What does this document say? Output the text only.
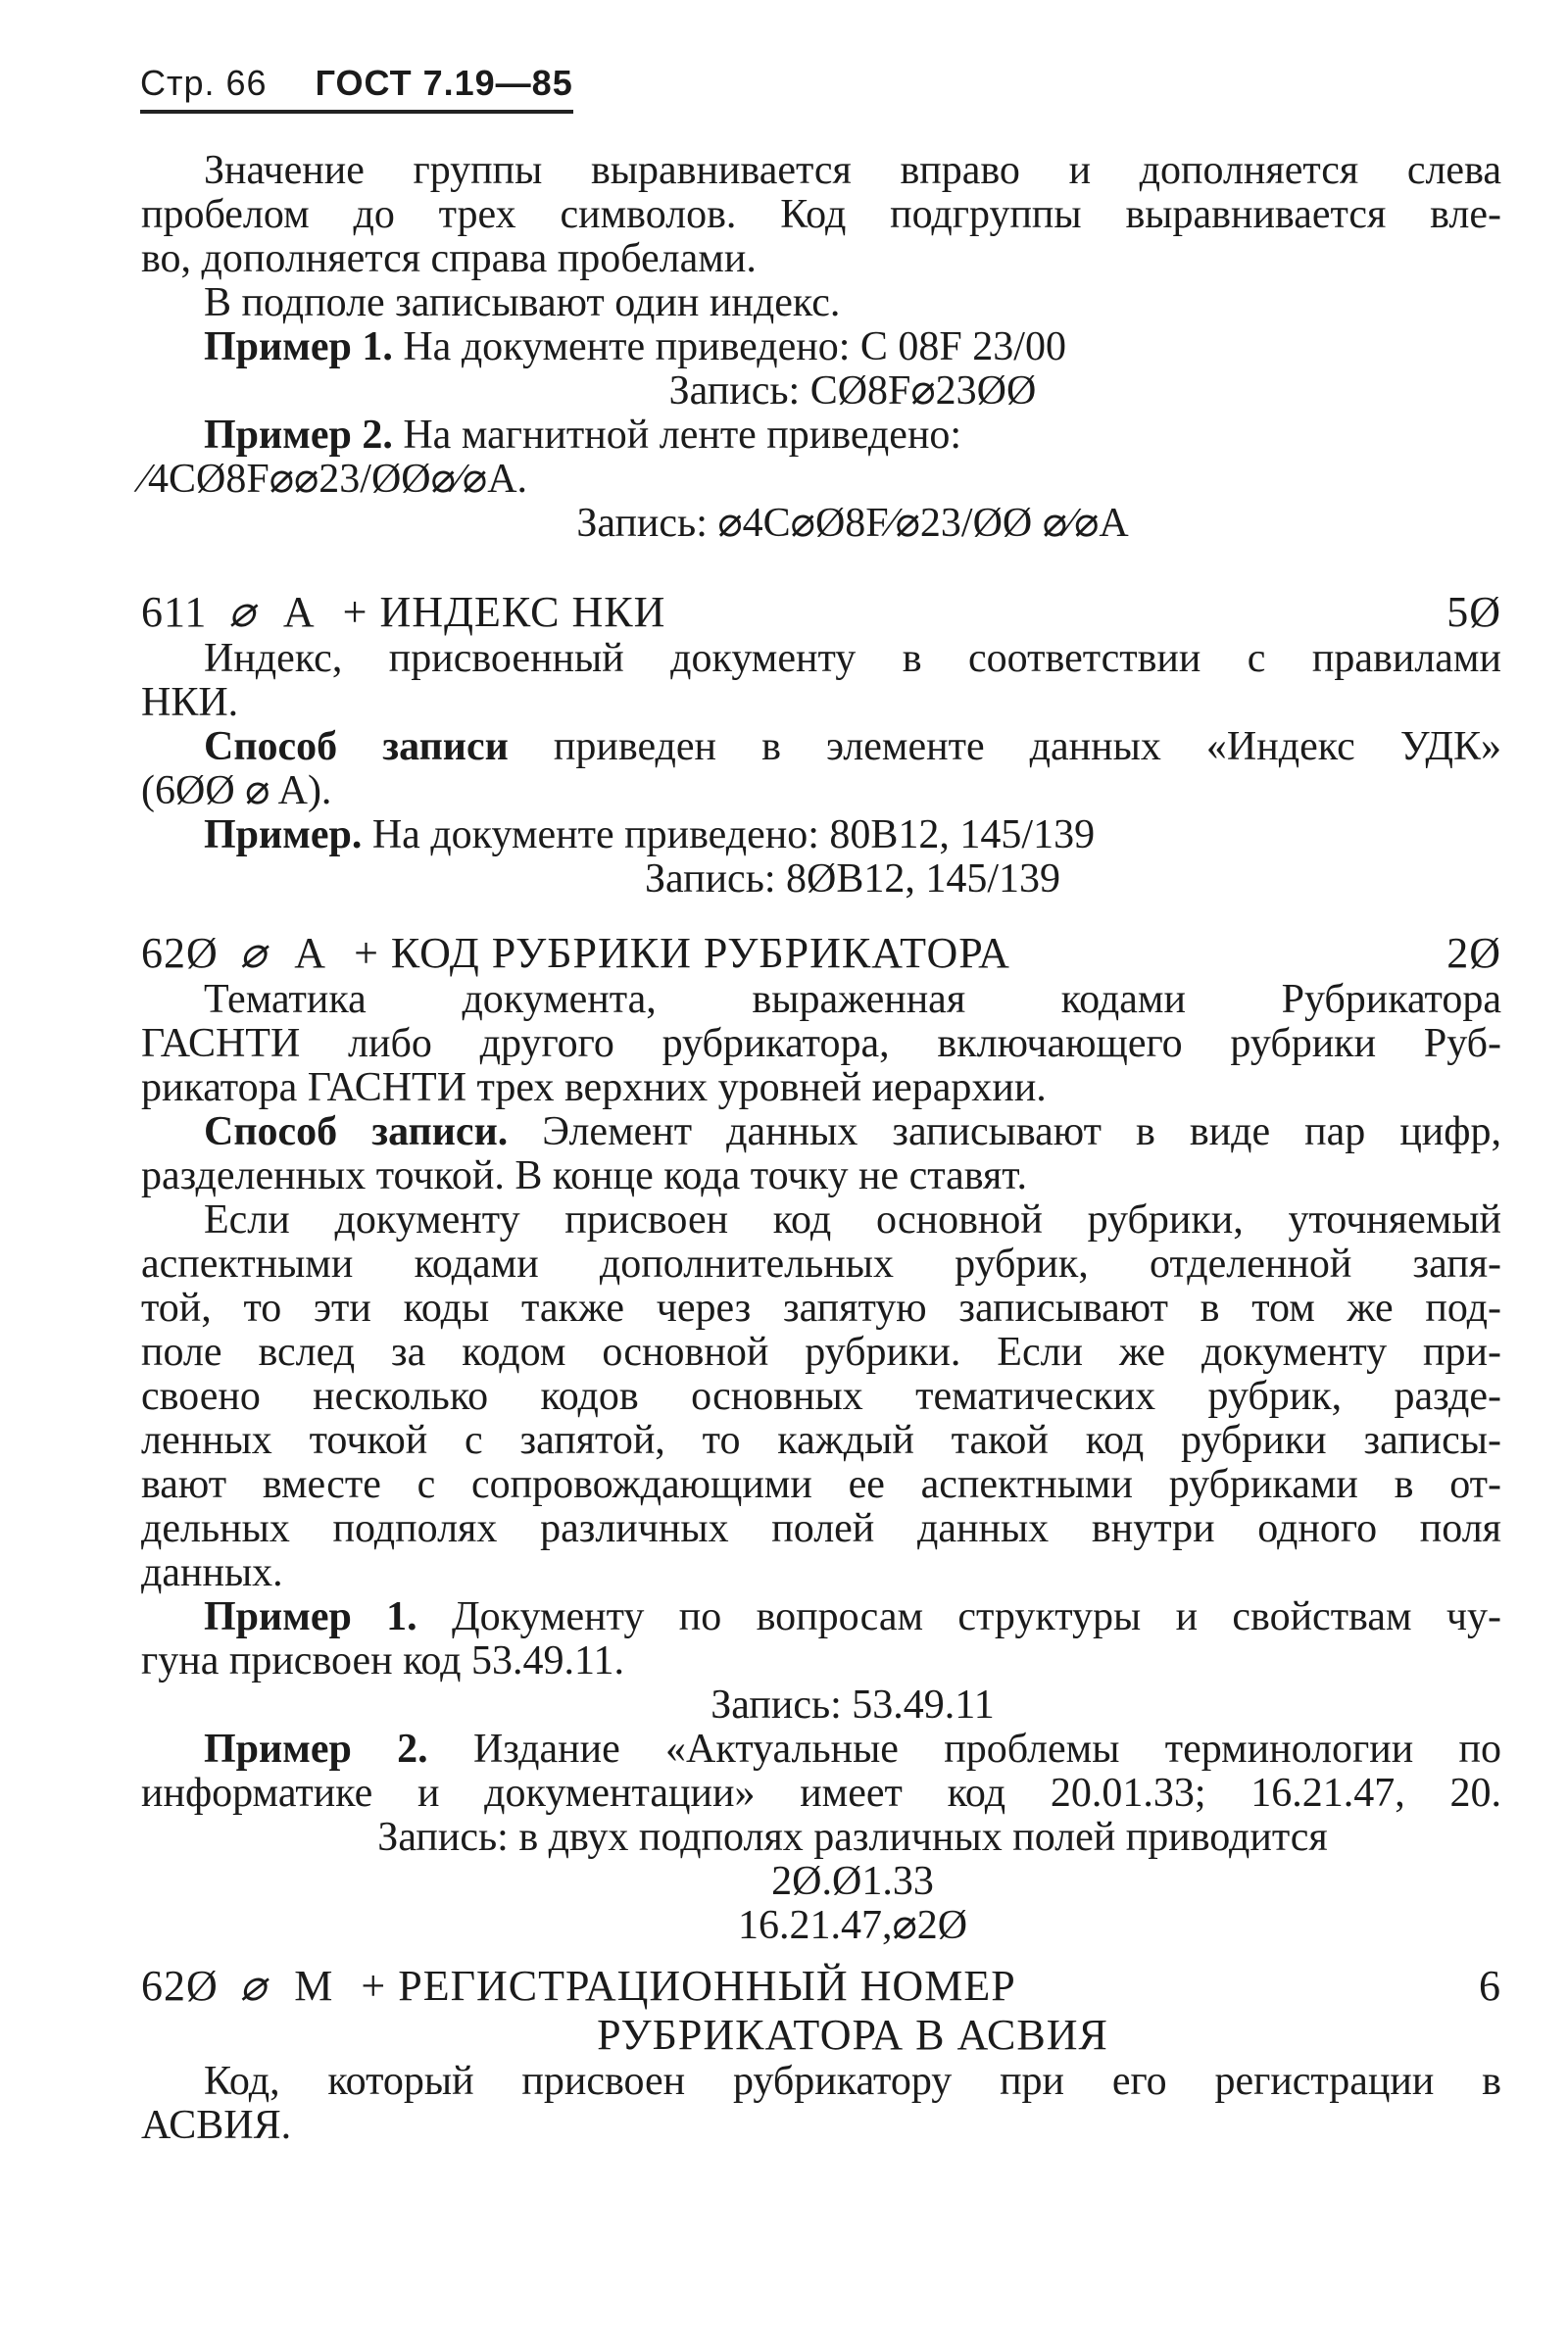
Стр. 66 ГОСТ 7.19—85
Значение группы выравнивается вправо и дополняется слева
пробелом до трех символов. Код подгруппы выравнивается вле-
во, дополняется справа пробелами.
В подполе записывают один индекс.
Пример 1. На документе приведено: С 08F 23/00
Запись: CØ8F⌀23ØØ
Пример 2. На магнитной ленте приведено:
⁄4CØ8F⌀⌀23/ØØ⌀⁄⌀A.
Запись: ⌀4C⌀Ø8F⁄⌀23/ØØ ⌀⁄⌀A
611 ⌀ A + ИНДЕКС НКИ	5Ø
Индекс, присвоенный документу в соответствии с правилами
НКИ.
Способ записи приведен в элементе данных «Индекс УДК»
(6ØØ ⌀ A).
Пример. На документе приведено: 80В12, 145/139
Запись: 8ØВ12, 145/139
62Ø ⌀ A + КОД РУБРИКИ РУБРИКАТОРА	2Ø
Тематика документа, выраженная кодами Рубрикатора
ГАСНТИ либо другого рубрикатора, включающего рубрики Руб-
рикатора ГАСНТИ трех верхних уровней иерархии.
Способ записи. Элемент данных записывают в виде пар цифр,
разделенных точкой. В конце кода точку не ставят.
Если документу присвоен код основной рубрики, уточняемый
аспектными кодами дополнительных рубрик, отделенной запя-
той, то эти коды также через запятую записывают в том же под-
поле вслед за кодом основной рубрики. Если же документу при-
своено несколько кодов основных тематических рубрик, разде-
ленных точкой с запятой, то каждый такой код рубрики записы-
вают вместе с сопровождающими ее аспектными рубриками в от-
дельных подполях различных полей данных внутри одного поля
данных.
Пример 1. Документу по вопросам структуры и свойствам чу-
гуна присвоен код 53.49.11.
Запись: 53.49.11
Пример 2. Издание «Актуальные проблемы терминологии по
информатике и документации» имеет код 20.01.33; 16.21.47, 20.
Запись: в двух подполях различных полей приводится
2Ø.Ø1.33
16.21.47,⌀2Ø
62Ø ⌀ M + РЕГИСТРАЦИОННЫЙ НОМЕР	6
РУБРИКАТОРА В АСВИЯ
Код, который присвоен рубрикатору при его регистрации в
АСВИЯ.
